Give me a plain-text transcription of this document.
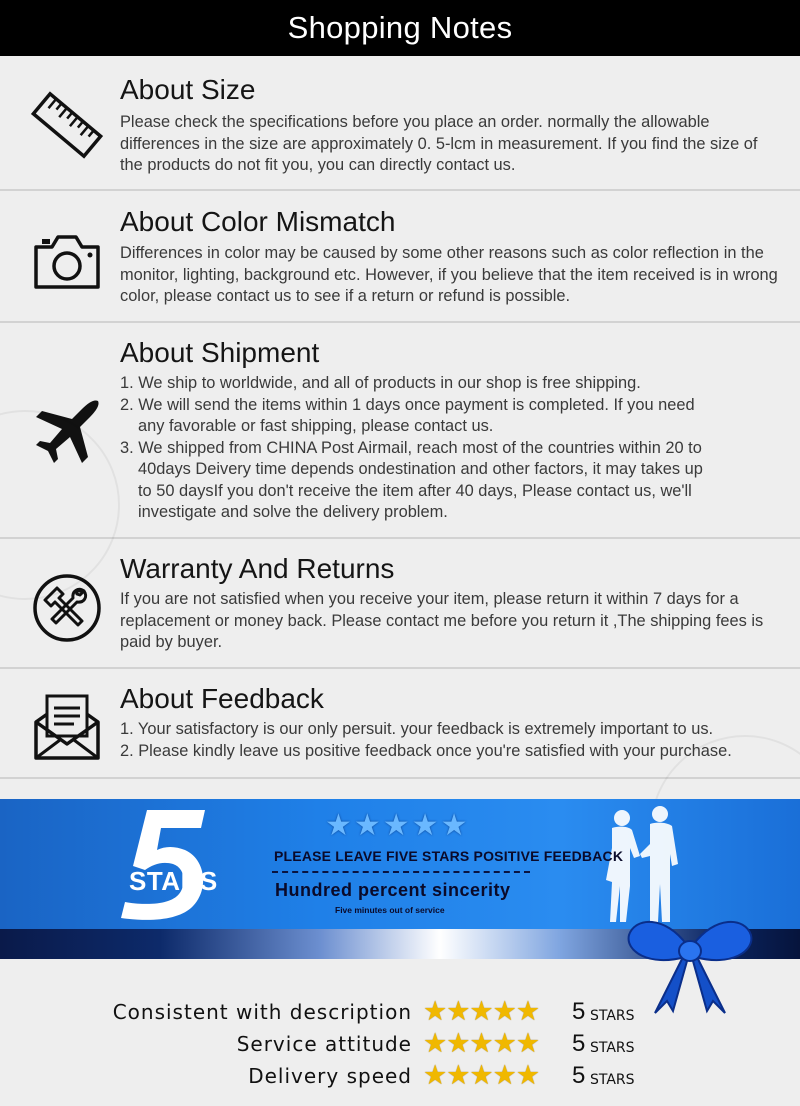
Shopping Notes
About Size

Please check the specifications before you place an order. normally the allowable differences in the size are approximately 0. 5-lcm in measurement. If you find the size of the products do not fit you, you can directly contact us.

About Color Mismatch

Differences in color may be caused by some other reasons such as color reflection in the monitor, lighting, background etc. However, if you believe that the item received is in wrong color, please contact us to see if a return or refund is possible.

About Shipment

1. We ship to worldwide, and all of products in our shop is free shipping.

2. We will send the items within 1 days once payment is completed. If you need

any favorable or fast shipping, please contact us.

3. We shipped from CHINA Post Airmail, reach most of the countries within 20 to

40days Deivery time depends ondestination and other factors, it may takes up

to 50 daysIf you don't receive the item after 40 days, Please contact us, we'll

investigate and solve the delivery problem.

Warranty And Returns

If you are not satisfied when you receive your item, please return it within 7 days for a replacement or money back. Please contact me before you return it ,The shipping fees is paid by buyer.

About Feedback

1. Your satisfactory is our only persuit. your feedback is extremely important to us.

2. Please kindly leave us positive feedback once you're satisfied with your purchase.

STARS
★★★★★
PLEASE LEAVE FIVE STARS POSITIVE FEEDBACK
Hundred percent sincerity
Five minutes out of service
Consistent with description ★★★★★ 5 STARS
Service attitude ★★★★★ 5 STARS
Delivery speed ★★★★★ 5 STARS
